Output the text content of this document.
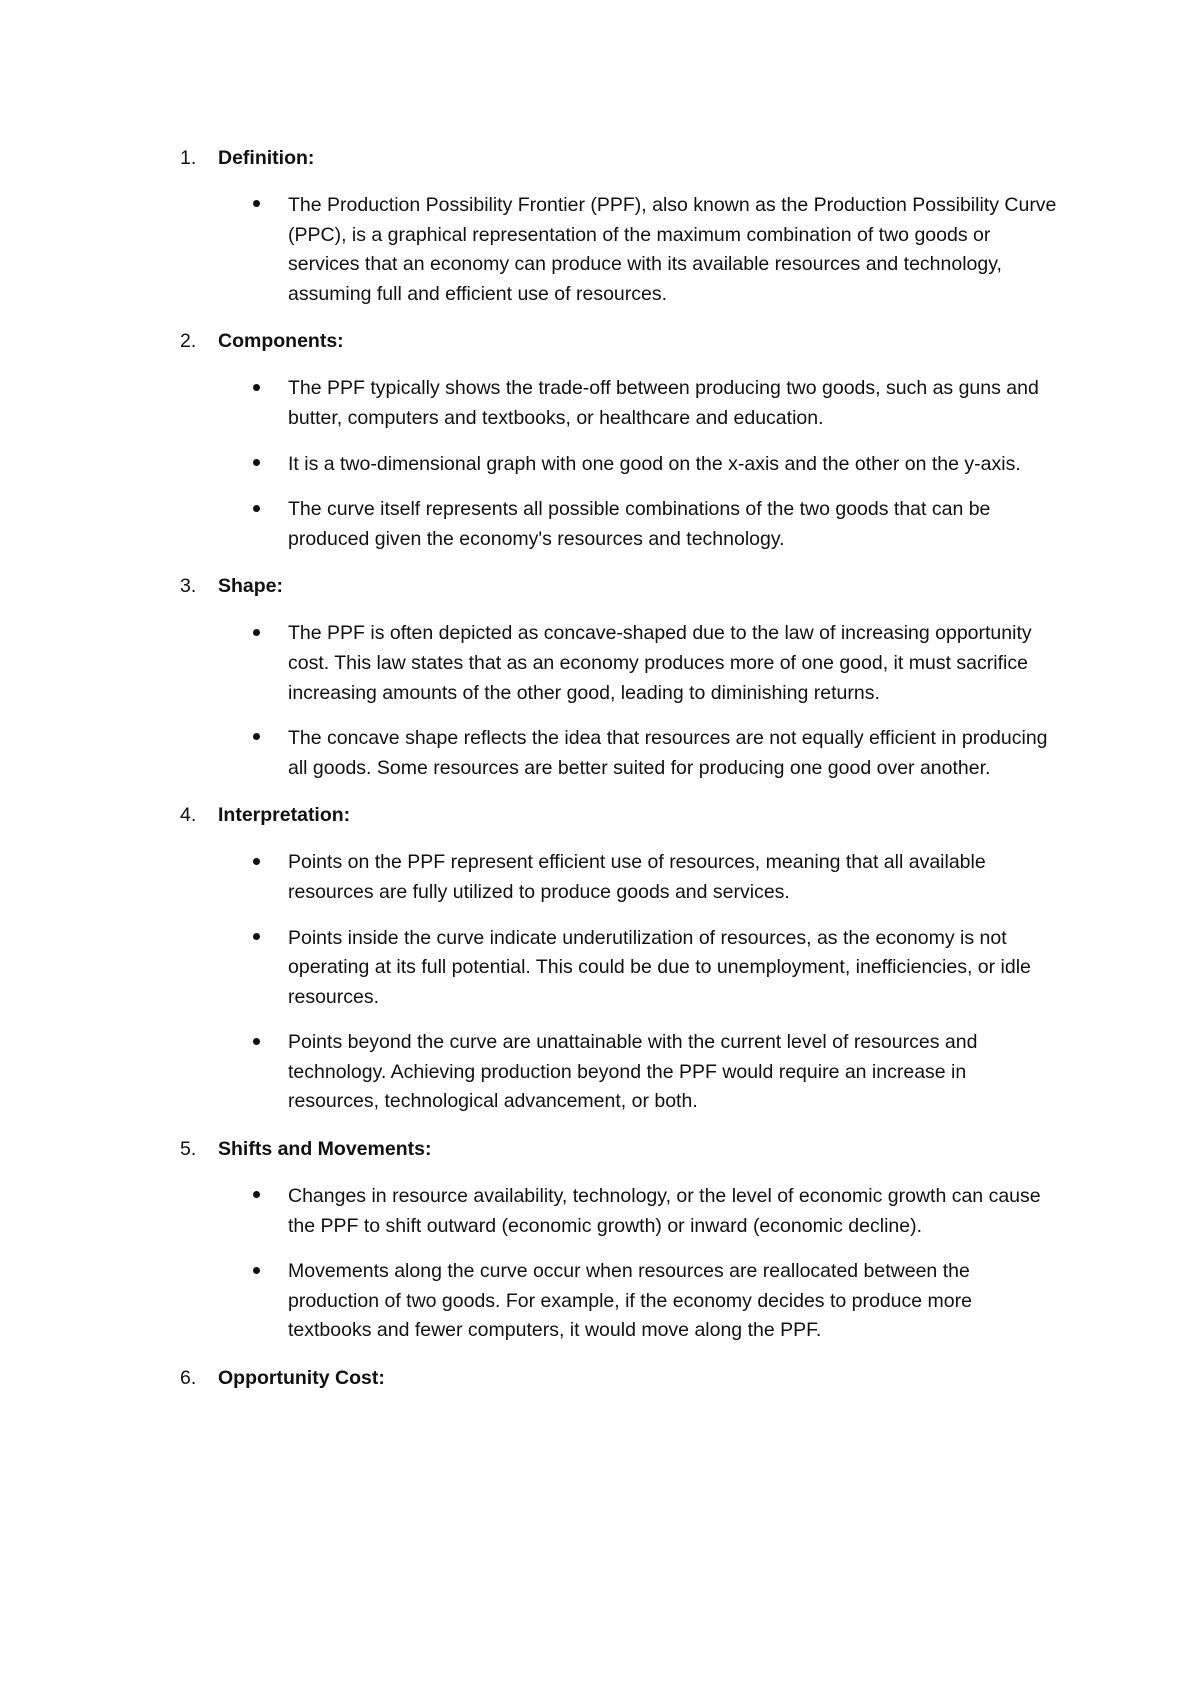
1.	Definition:

The Production Possibility Frontier (PPF), also known as the Production Possibility Curve (PPC), is a graphical representation of the maximum combination of two goods or services that an economy can produce with its available resources and technology, assuming full and efficient use of resources.

2.	Components:

The PPF typically shows the trade-off between producing two goods, such as guns and butter, computers and textbooks, or healthcare and education.

It is a two-dimensional graph with one good on the x-axis and the other on the y-axis.

The curve itself represents all possible combinations of the two goods that can be produced given the economy's resources and technology.

3.	Shape:

The PPF is often depicted as concave-shaped due to the law of increasing opportunity cost. This law states that as an economy produces more of one good, it must sacrifice increasing amounts of the other good, leading to diminishing returns.

The concave shape reflects the idea that resources are not equally efficient in producing all goods. Some resources are better suited for producing one good over another.

4.	Interpretation:

Points on the PPF represent efficient use of resources, meaning that all available resources are fully utilized to produce goods and services.

Points inside the curve indicate underutilization of resources, as the economy is not operating at its full potential. This could be due to unemployment, inefficiencies, or idle resources.

Points beyond the curve are unattainable with the current level of resources and technology. Achieving production beyond the PPF would require an increase in resources, technological advancement, or both.

5.	Shifts and Movements:

Changes in resource availability, technology, or the level of economic growth can cause the PPF to shift outward (economic growth) or inward (economic decline).

Movements along the curve occur when resources are reallocated between the production of two goods. For example, if the economy decides to produce more textbooks and fewer computers, it would move along the PPF.

6.	Opportunity Cost:
